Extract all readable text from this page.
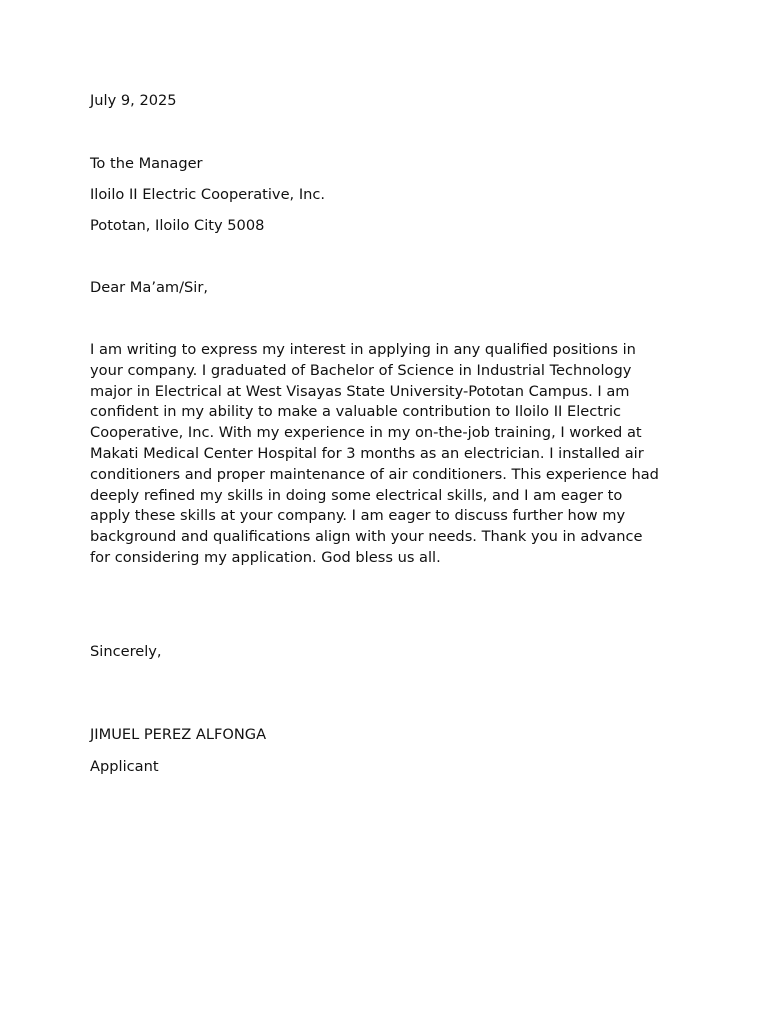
July 9, 2025

To the Manager

Iloilo II Electric Cooperative, Inc.

Pototan, Iloilo City 5008

Dear Ma’am/Sir,

I am writing to express my interest in applying in any qualified positions in
your company. I graduated of Bachelor of Science in Industrial Technology
major in Electrical at West Visayas State University-Pototan Campus. I am
confident in my ability to make a valuable contribution to Iloilo II Electric
Cooperative, Inc. With my experience in my on-the-job training, I worked at
Makati Medical Center Hospital for 3 months as an electrician. I installed air
conditioners and proper maintenance of air conditioners. This experience had
deeply refined my skills in doing some electrical skills, and I am eager to
apply these skills at your company. I am eager to discuss further how my
background and qualifications align with your needs. Thank you in advance
for considering my application. God bless us all.

Sincerely,

JIMUEL PEREZ ALFONGA

Applicant
